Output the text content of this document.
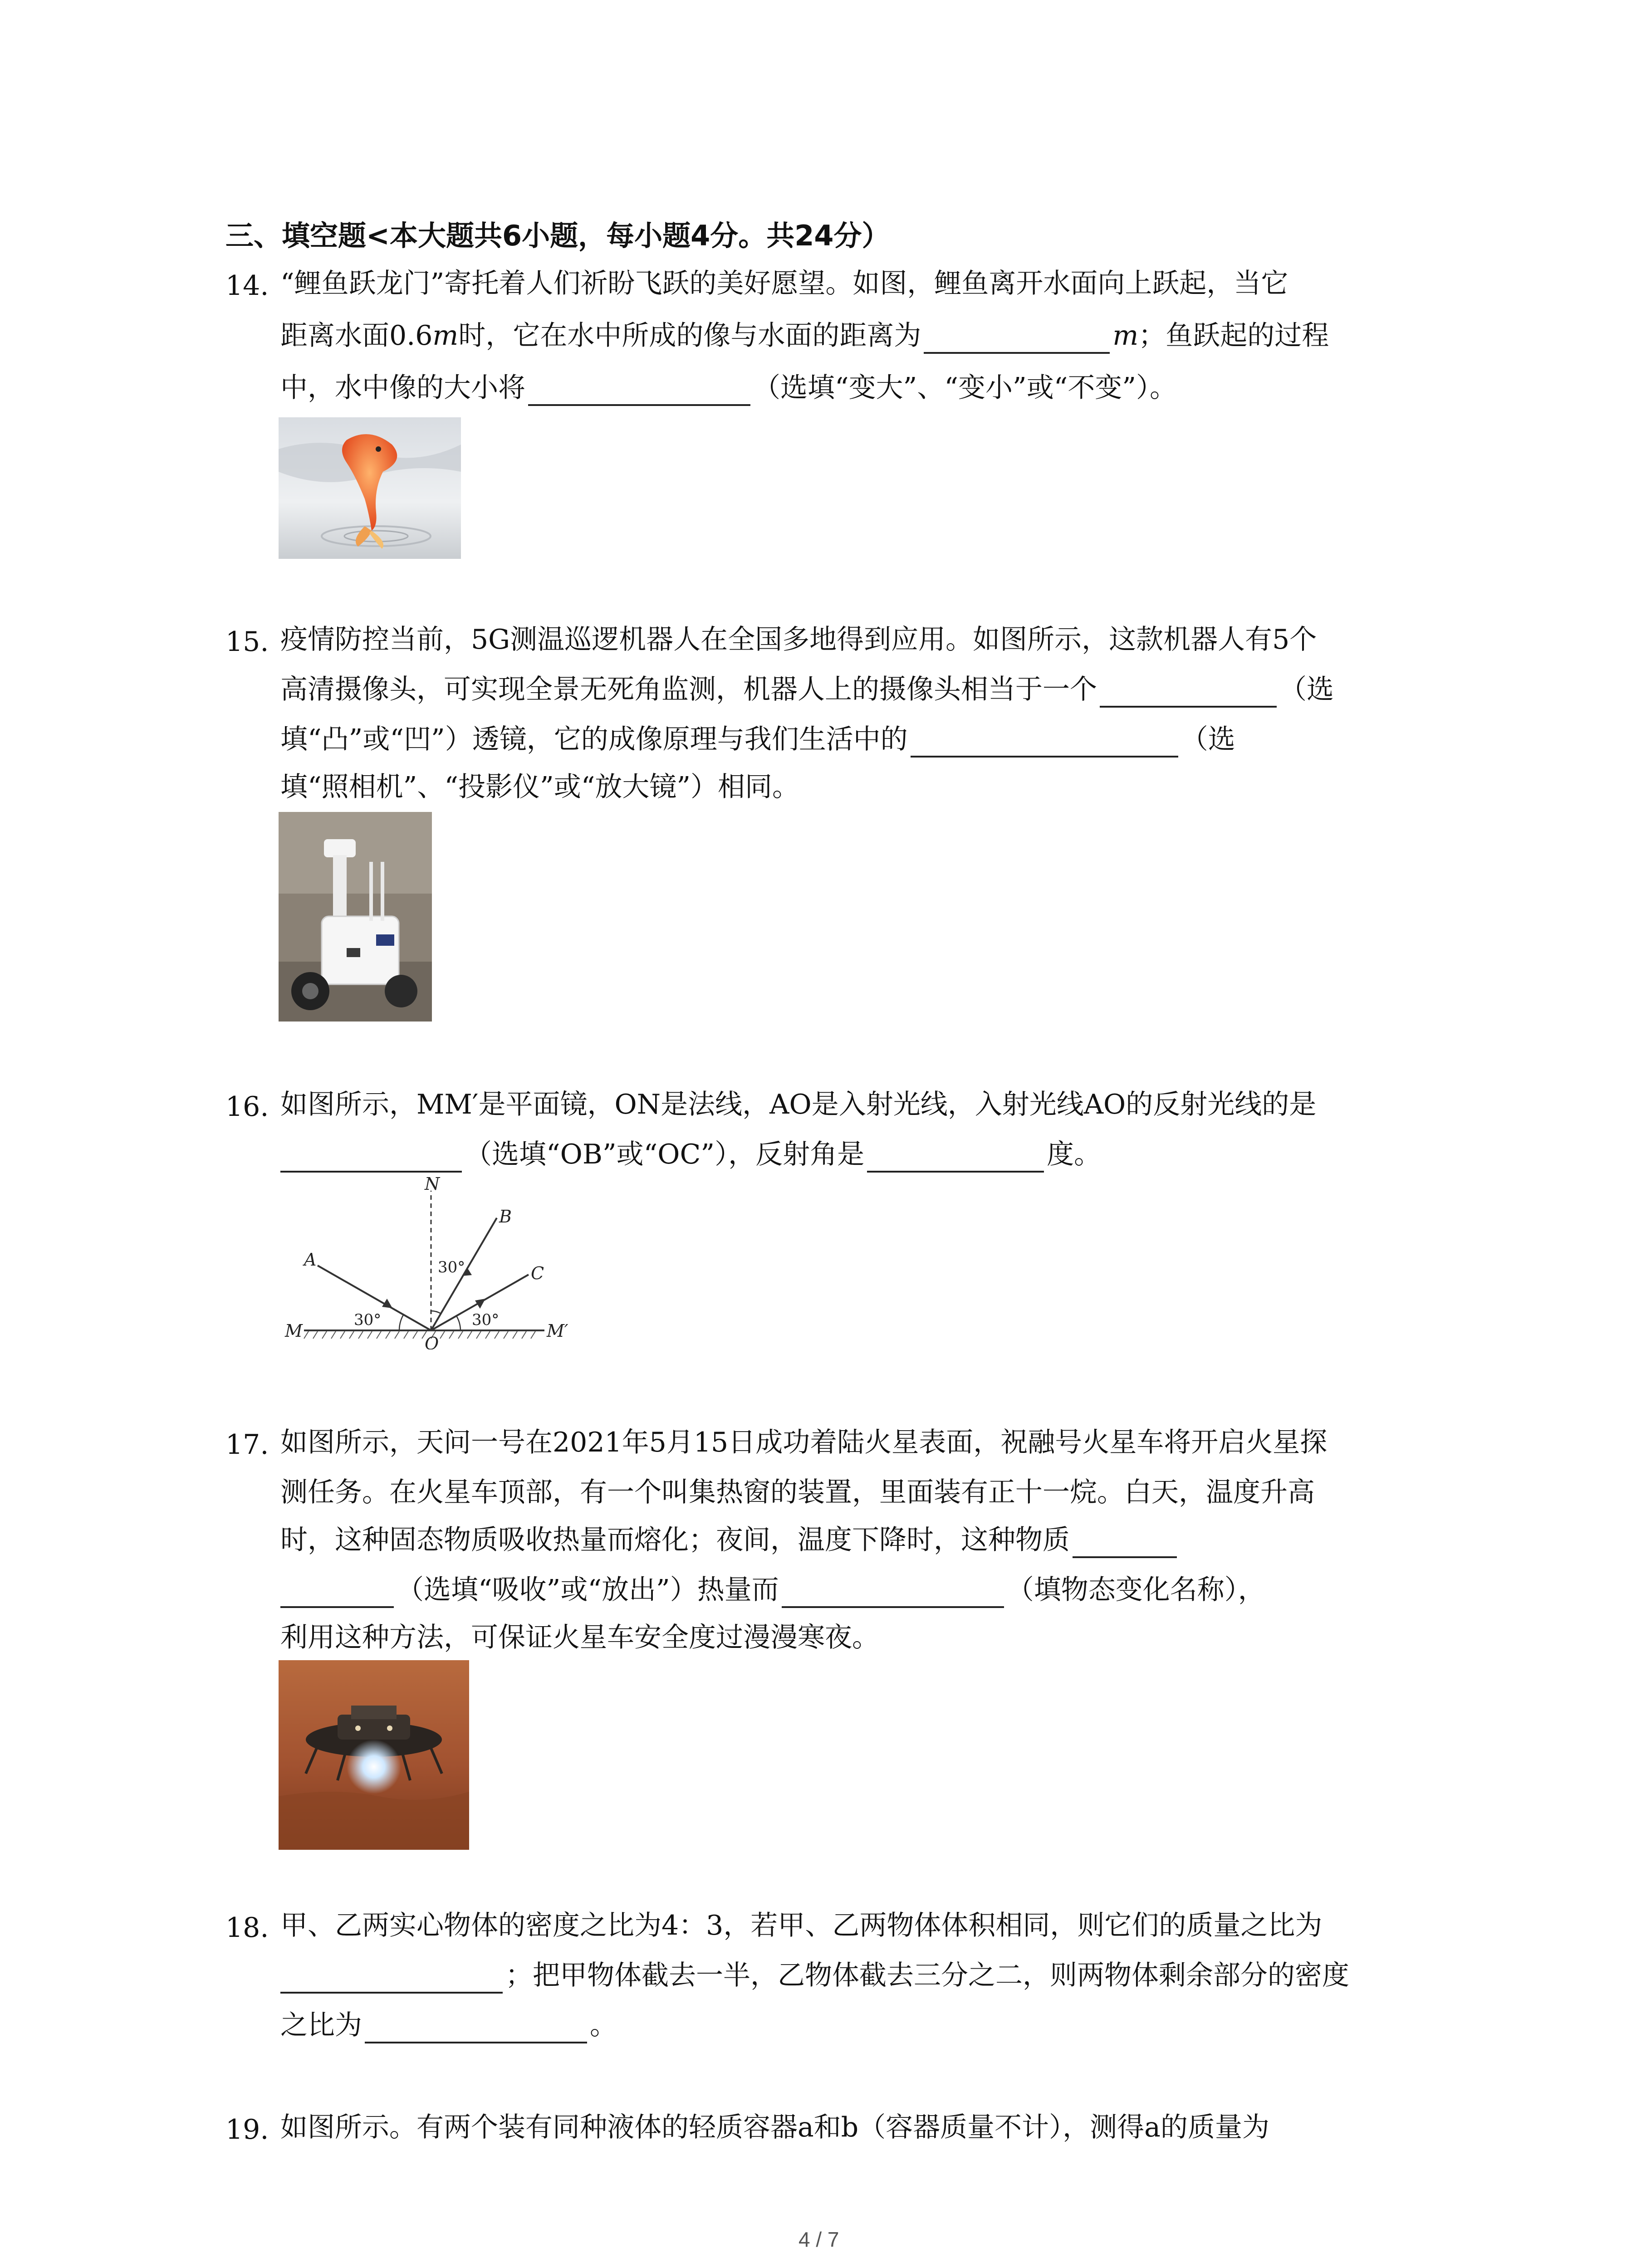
三、填空题<本大题共6小题，每小题4分。共24分）
14. “鲤鱼跃龙门”寄托着人们祈盼飞跃的美好愿望。如图，鲤鱼离开水面向上跃起，当它
距离水面0.6m时，它在水中所成的像与水面的距离为	m；鱼跃起的过程
中，水中像的大小将	（选填“变大”、“变小”或“不变”）。
15. 疫情防控当前，5G测温巡逻机器人在全国多地得到应用。如图所示，这款机器人有5个
高清摄像头，可实现全景无死角监测，机器人上的摄像头相当于一个	（选
填“凸”或“凹”）透镜，它的成像原理与我们生活中的	（选
填“照相机”、“投影仪”或“放大镜”）相同。
16. 如图所示，MM′是平面镜，ON是法线，AO是入射光线，入射光线AO的反射光线的是
（选填“OB”或“OC”），反射角是	度。
N
A
B
C
M
O
M′
30°
30°
30°
17. 如图所示，天问一号在2021年5月15日成功着陆火星表面，祝融号火星车将开启火星探
测任务。在火星车顶部，有一个叫集热窗的装置，里面装有正十一烷。白天，温度升高
时，这种固态物质吸收热量而熔化；夜间，温度下降时，这种物质
（选填“吸收”或“放出”）热量而	（填物态变化名称），
利用这种方法，可保证火星车安全度过漫漫寒夜。
18. 甲、乙两实心物体的密度之比为4：3，若甲、乙两物体体积相同，则它们的质量之比为
；把甲物体截去一半，乙物体截去三分之二，则两物体剩余部分的密度
之比为	。
19. 如图所示。有两个装有同种液体的轻质容器a和b（容器质量不计），测得a的质量为
4 / 7
